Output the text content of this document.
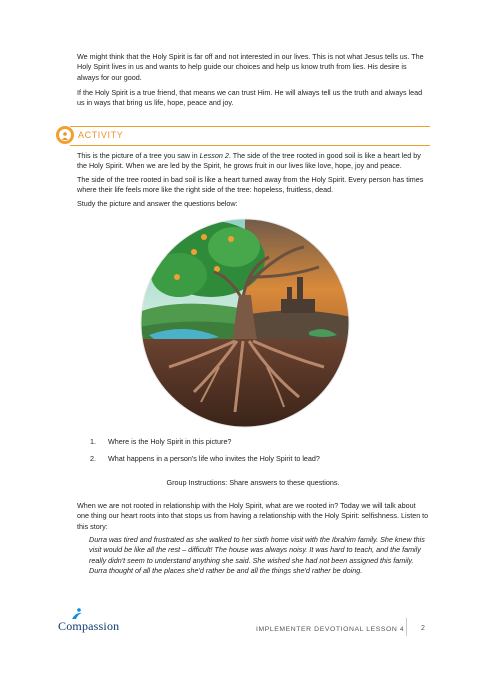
We might think that the Holy Spirit is far off and not interested in our lives. This is not what Jesus tells us. The Holy Spirit lives in us and wants to help guide our choices and help us know truth from lies. His desire is always for our good.

If the Holy Spirit is a true friend, that means we can trust Him. He will always tell us the truth and always lead us in ways that bring us life, hope, peace and joy.

ACTIVITY

This is the picture of a tree you saw in Lesson 2. The side of the tree rooted in good soil is like a heart led by the Holy Spirit. When we are led by the Spirit, he grows fruit in our lives like love, hope, joy and peace.

The side of the tree rooted in bad soil is like a heart turned away from the Holy Spirit. Every person has times where their life feels more like the right side of the tree: hopeless, fruitless, dead.

Study the picture and answer the questions below:

1.	Where is the Holy Spirit in this picture?
2.	What happens in a person's life who invites the Holy Spirit to lead?

Group Instructions: Share answers to these questions.

When we are not rooted in relationship with the Holy Spirit, what are we rooted in? Today we will talk about one thing our heart roots into that stops us from having a relationship with the Holy Spirit: selfishness. Listen to this story:

Durra was tired and frustrated as she walked to her sixth home visit with the Ibrahim family. She knew this visit would be like all the rest – difficult! The house was always noisy. It was hard to teach, and the family really didn't seem to understand anything she said. She wished she had not been assigned this family. Durra thought of all the places she'd rather be and all the things she'd rather be doing.

Compassion	IMPLEMENTER DEVOTIONAL LESSON 4 2
